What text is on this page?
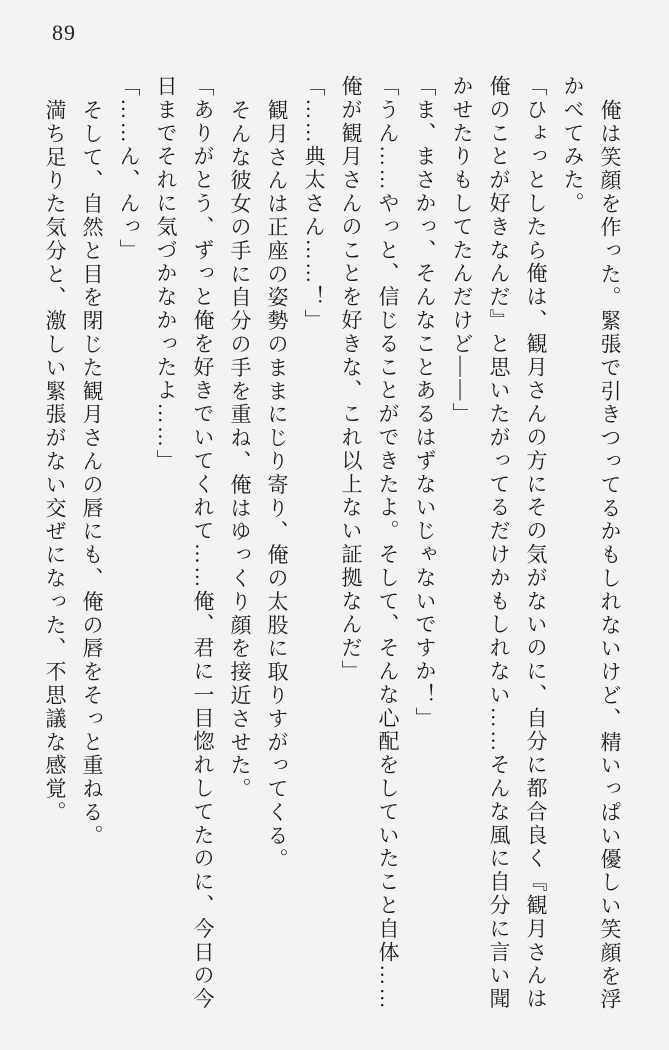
89

俺は笑顔を作った。緊張で引きつってるかもしれないけど、精いっぱい優しい笑顔を浮

かべてみた。

「ひょっとしたら俺は、観月さんの方にその気がないのに、自分に都合良く『観月さんは

俺のことが好きなんだ』と思いたがってるだけかもしれない……そんな風に自分に言い聞

かせたりもしてたんだけど――」

「ま、まさかっ、そんなことあるはずないじゃないですか！」

「うん……やっと、信じることができたよ。そして、そんな心配をしていたこと自体……

俺が観月さんのことを好きな、これ以上ない証拠なんだ」

「……典太さん……！」

観月さんは正座の姿勢のままにじり寄り、俺の太股に取りすがってくる。

そんな彼女の手に自分の手を重ね、俺はゆっくり顔を接近させた。

「ありがとう、ずっと俺を好きでいてくれて……俺、君に一目惚れしてたのに、今日の今

日までそれに気づかなかったよ……」

「……ん、んっ」

そして、自然と目を閉じた観月さんの唇にも、俺の唇をそっと重ねる。

満ち足りた気分と、激しい緊張がない交ぜになった、不思議な感覚。
